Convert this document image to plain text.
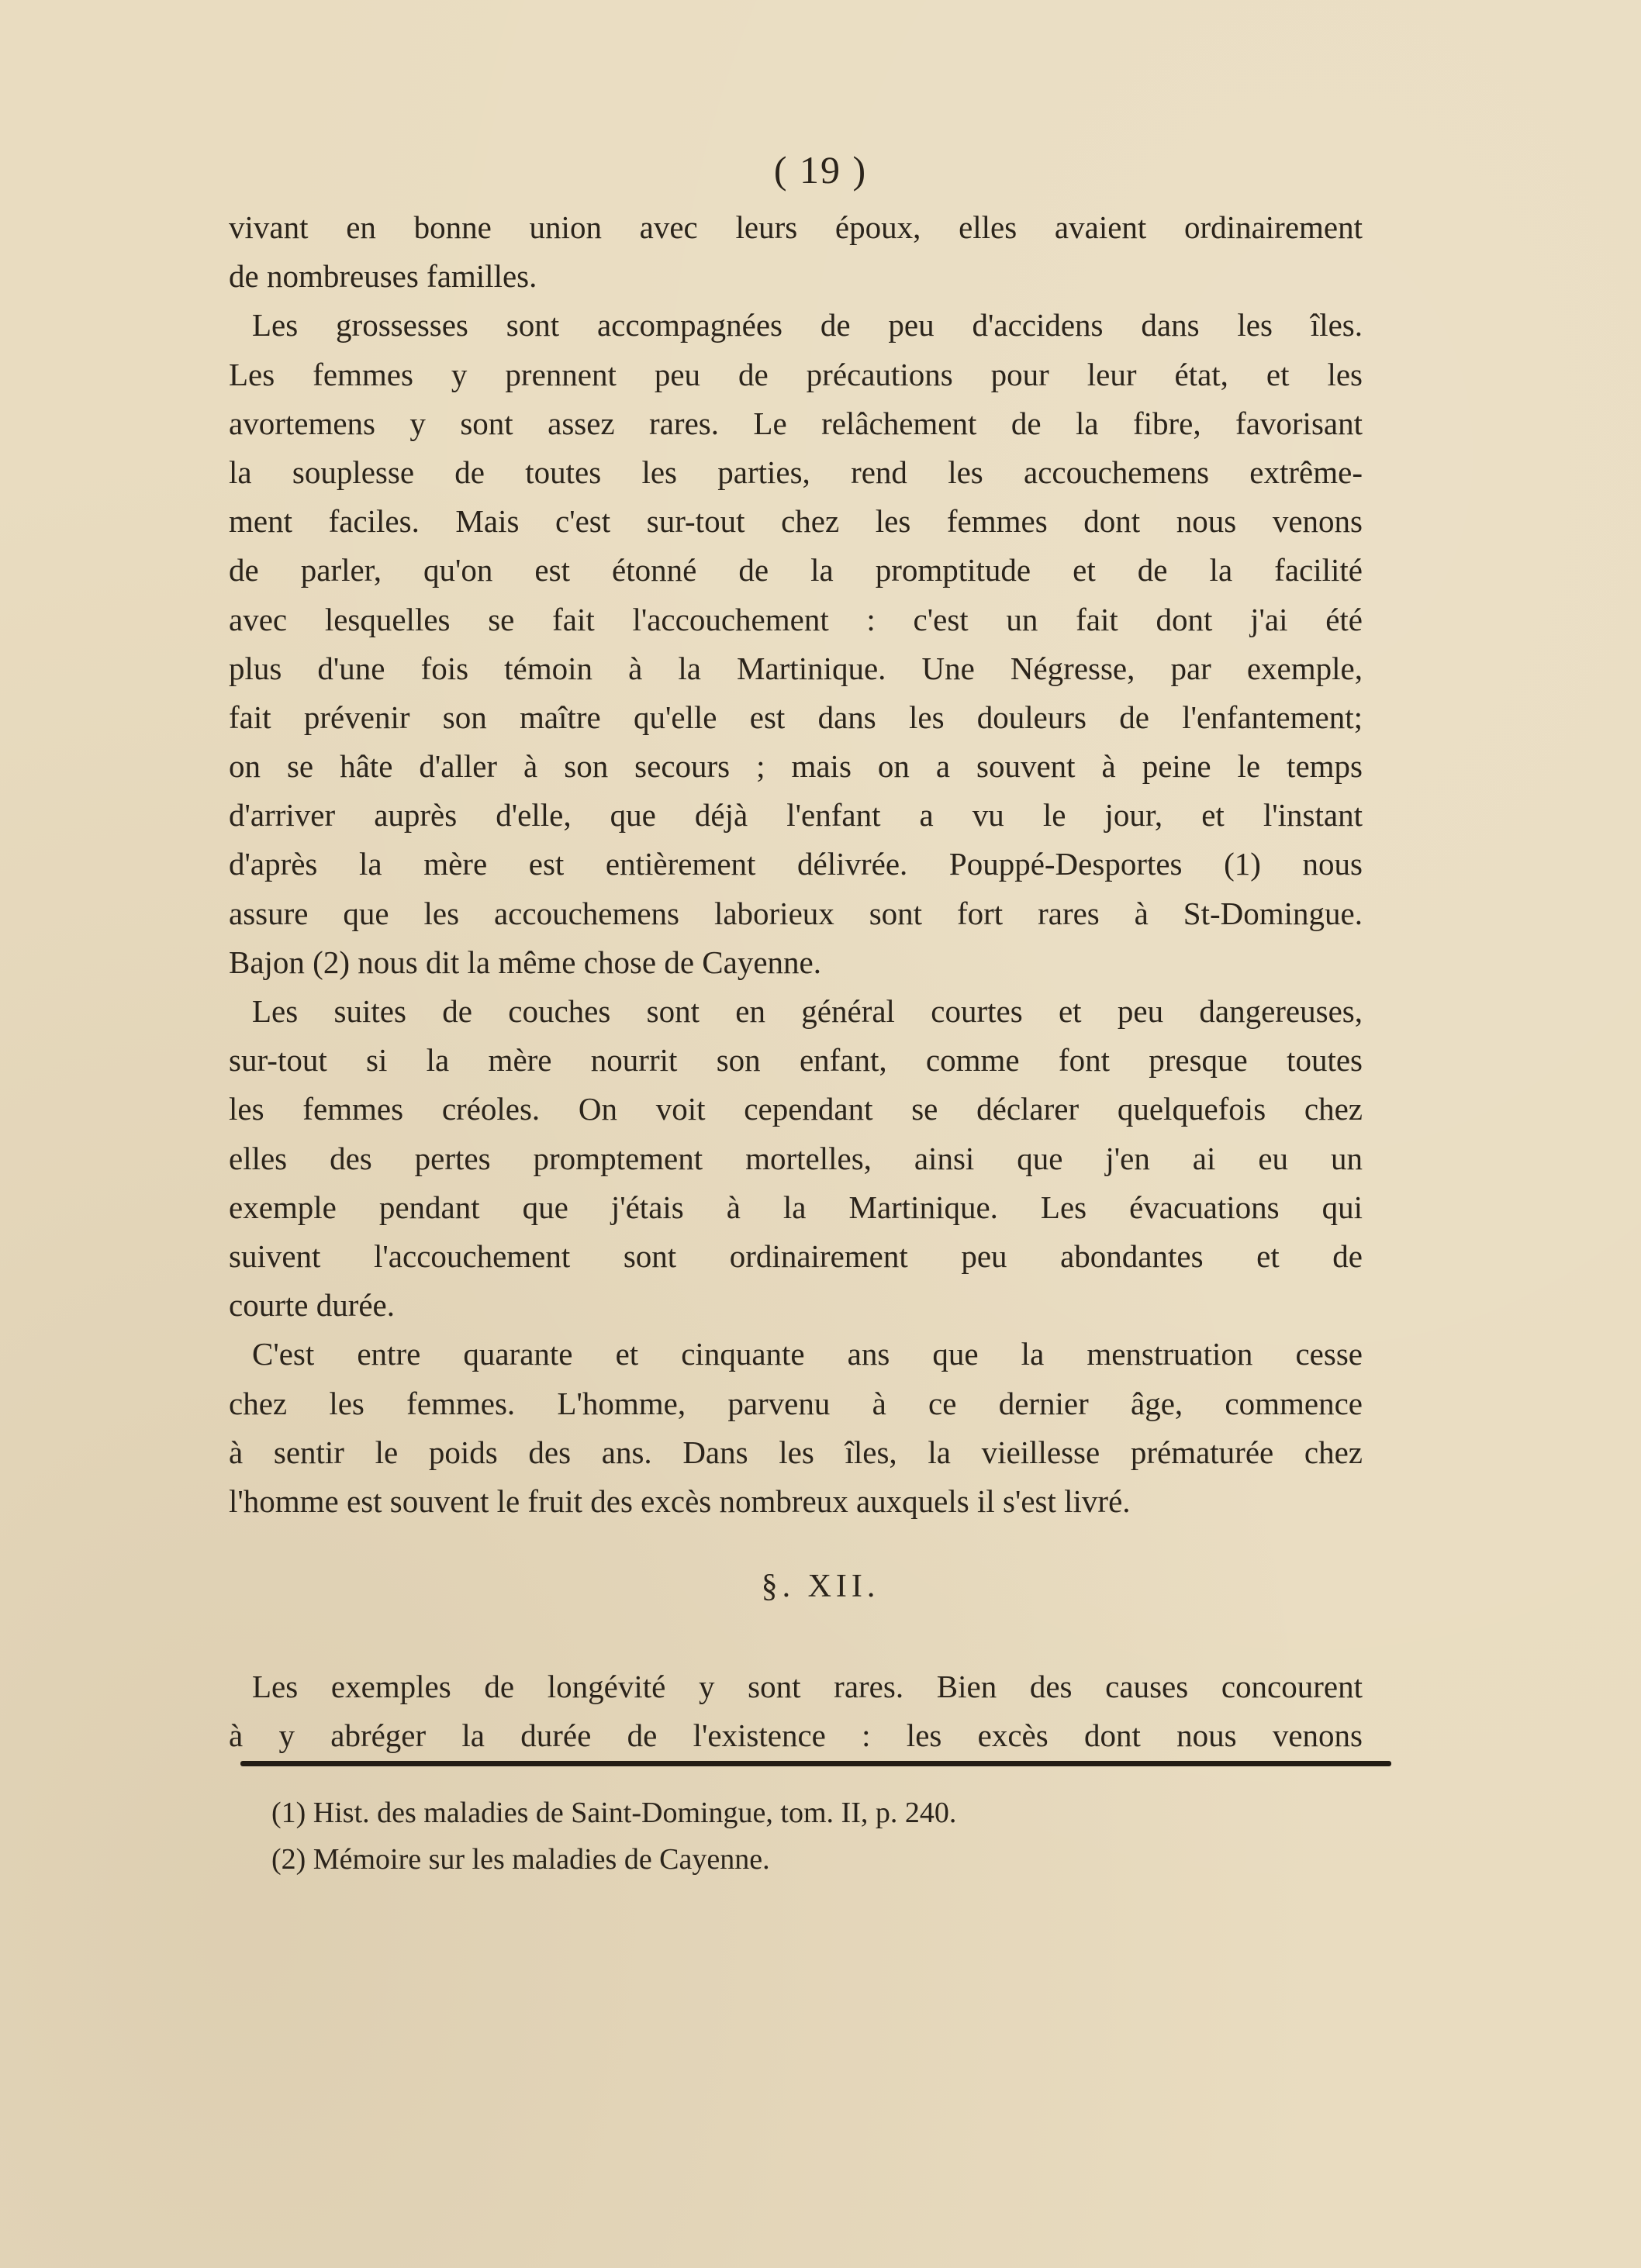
( 19 )
vivant en bonne union avec leurs époux, elles avaient ordinairement
de nombreuses familles.
Les grossesses sont accompagnées de peu d'accidens dans les îles.
Les femmes y prennent peu de précautions pour leur état, et les
avortemens y sont assez rares. Le relâchement de la fibre, favorisant
la souplesse de toutes les parties, rend les accouchemens extrême-
ment faciles. Mais c'est sur-tout chez les femmes dont nous venons
de parler, qu'on est étonné de la promptitude et de la facilité
avec lesquelles se fait l'accouchement : c'est un fait dont j'ai été
plus d'une fois témoin à la Martinique. Une Négresse, par exemple,
fait prévenir son maître qu'elle est dans les douleurs de l'enfantement;
on se hâte d'aller à son secours ; mais on a souvent à peine le temps
d'arriver auprès d'elle, que déjà l'enfant a vu le jour, et l'instant
d'après la mère est entièrement délivrée. Pouppé-Desportes (1) nous
assure que les accouchemens laborieux sont fort rares à St-Domingue.
Bajon (2) nous dit la même chose de Cayenne.
Les suites de couches sont en général courtes et peu dangereuses,
sur-tout si la mère nourrit son enfant, comme font presque toutes
les femmes créoles. On voit cependant se déclarer quelquefois chez
elles des pertes promptement mortelles, ainsi que j'en ai eu un
exemple pendant que j'étais à la Martinique. Les évacuations qui
suivent l'accouchement sont ordinairement peu abondantes et de
courte durée.
C'est entre quarante et cinquante ans que la menstruation cesse
chez les femmes. L'homme, parvenu à ce dernier âge, commence
à sentir le poids des ans. Dans les îles, la vieillesse prématurée chez
l'homme est souvent le fruit des excès nombreux auxquels il s'est livré.
§. XII.
Les exemples de longévité y sont rares. Bien des causes concourent
à y abréger la durée de l'existence : les excès dont nous venons
(1) Hist. des maladies de Saint-Domingue, tom. II, p. 240.
(2) Mémoire sur les maladies de Cayenne.
